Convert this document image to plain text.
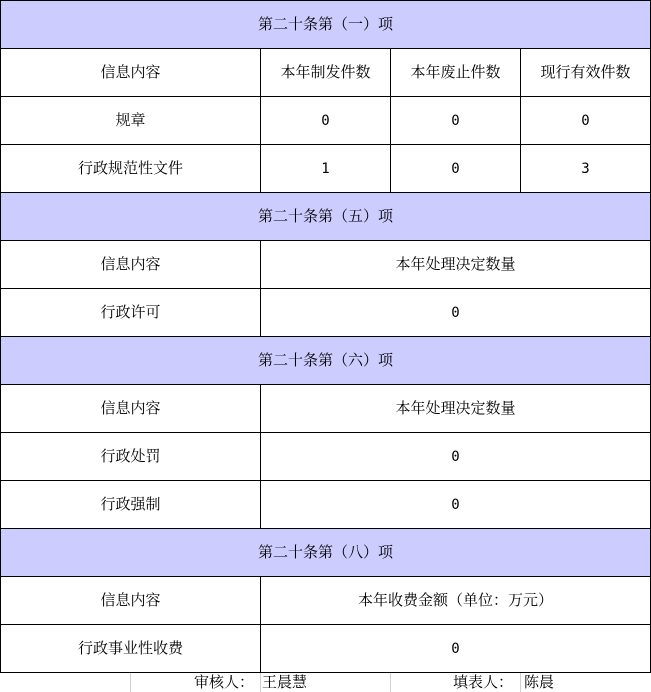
第二十条第（一）项			
信息内容	本年制发件数	本年废止件数	现行有效件数
规章	0	0	0
行政规范性文件	1	0	3
第二十条第（五）项			
信息内容	本年处理决定数量		
行政许可	0		
第二十条第（六）项			
信息内容	本年处理决定数量		
行政处罚	0		
行政强制	0		
第二十条第（八）项			
信息内容	本年收费金额（单位：万元）		
行政事业性收费	0		
审核人： 王晨慧	填表人： 陈晨
